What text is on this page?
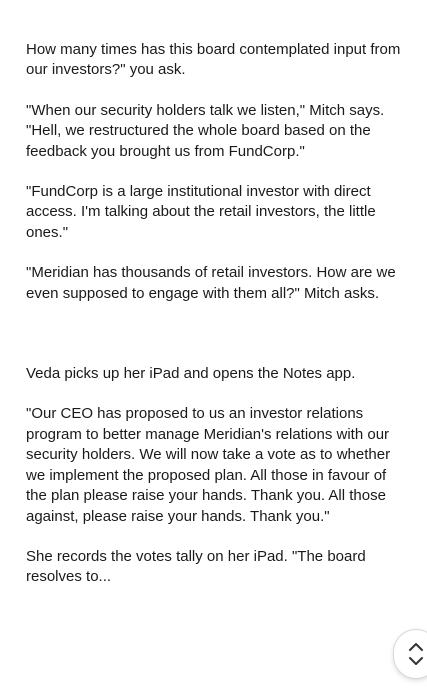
How many times has this board contemplated input from our investors?" you ask.

"When our security holders talk we listen," Mitch says. "Hell, we restructured the whole board based on the feedback you brought us from FundCorp."

"FundCorp is a large institutional investor with direct access. I'm talking about the retail investors, the little ones."

"Meridian has thousands of retail investors. How are we even supposed to engage with them all?" Mitch asks.

Veda picks up her iPad and opens the Notes app.

"Our CEO has proposed to us an investor relations program to better manage Meridian's relations with our security holders. We will now take a vote as to whether we implement the proposed plan. All those in favour of the plan please raise your hands. Thank you. All those against, please raise your hands. Thank you."

She records the votes tally on her iPad. "The board resolves to...
